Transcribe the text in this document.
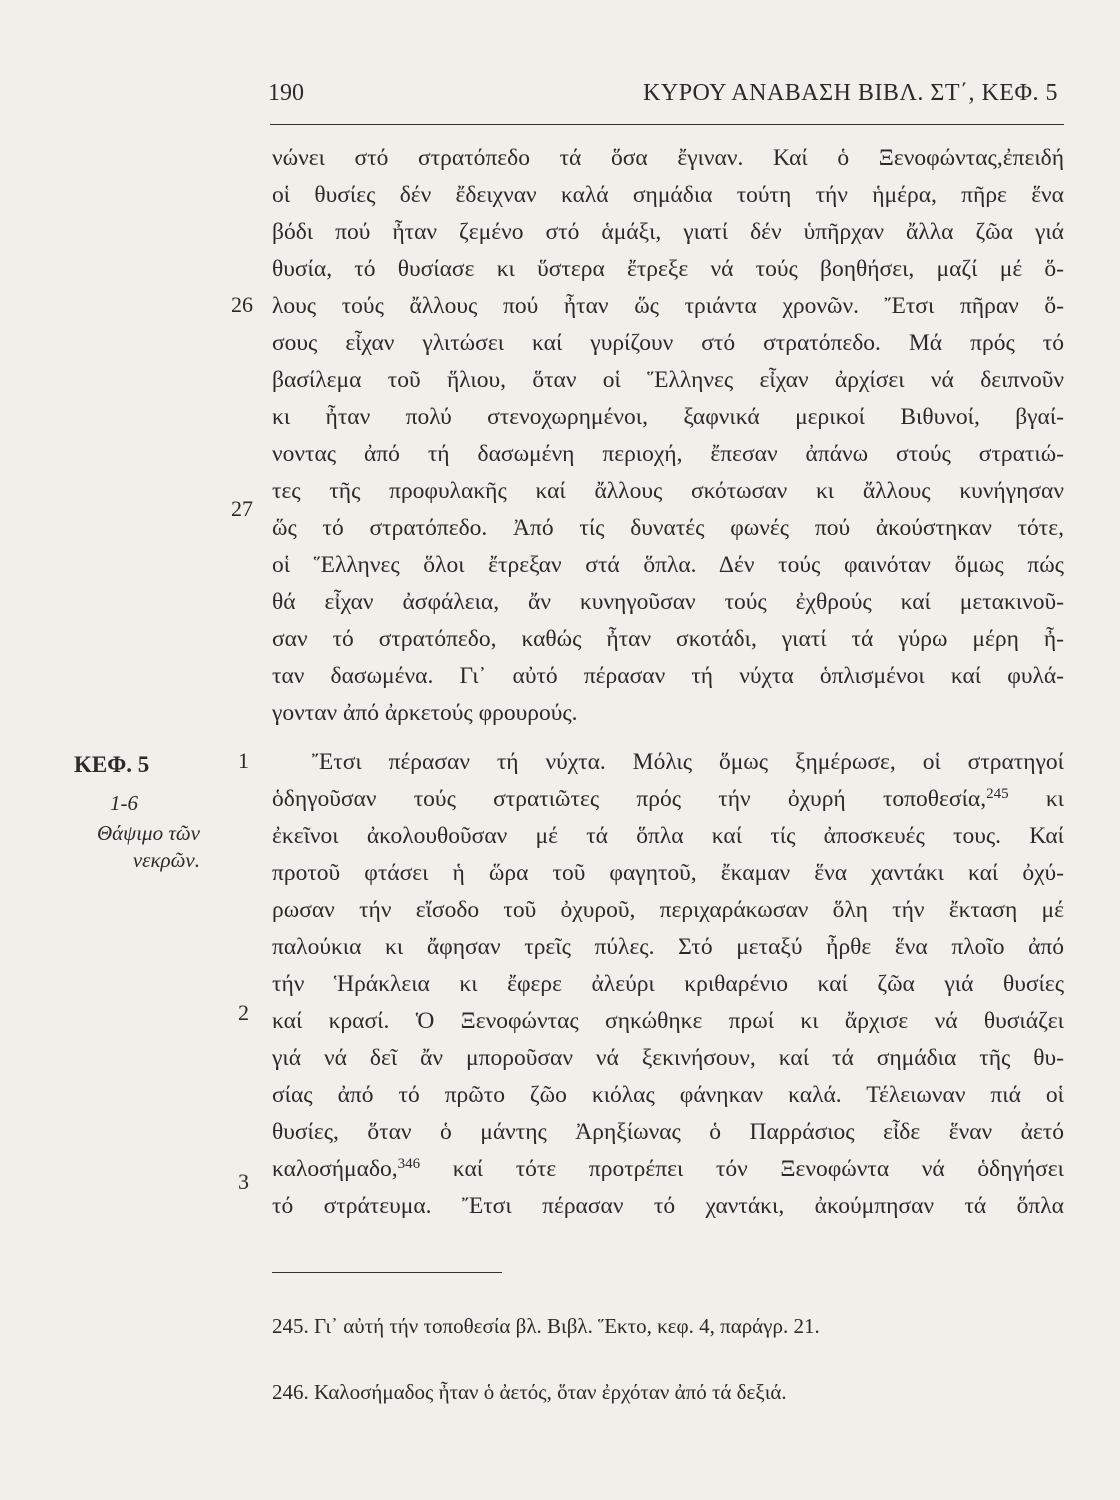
190	ΚΥΡΟΥ ΑΝΑΒΑΣΗ ΒΙΒΛ. ΣΤ΄, ΚΕΦ. 5
ΚΕΦ. 5
1-6
Θάψιμο τῶν νεκρῶν.
26
27
1
2
3
νώνει στό στρατόπεδο τά ὅσα ἔγιναν. Καί ὁ Ξενοφώντας,ἐπειδή
οἱ θυσίες δέν ἔδειχναν καλά σημάδια τούτη τήν ἡμέρα, πῆρε ἕνα
βόδι πού ἦταν ζεμένο στό ἁμάξι, γιατί δέν ὑπῆρχαν ἄλλα ζῶα γιά
θυσία, τό θυσίασε κι ὕστερα ἔτρεξε νά τούς βοηθήσει, μαζί μέ ὅ-
λους τούς ἄλλους πού ἦταν ὥς τριάντα χρονῶν. Ἔτσι πῆραν ὅ-
σους εἶχαν γλιτώσει καί γυρίζουν στό στρατόπεδο. Μά πρός τό
βασίλεμα τοῦ ἥλιου, ὅταν οἱ Ἕλληνες εἶχαν ἀρχίσει νά δειπνοῦν
κι ἦταν πολύ στενοχωρημένοι, ξαφνικά μερικοί Βιθυνοί, βγαί-
νοντας ἀπό τή δασωμένη περιοχή, ἔπεσαν ἀπάνω στούς στρατιώ-
τες τῆς προφυλακῆς καί ἄλλους σκότωσαν κι ἄλλους κυνήγησαν
ὥς τό στρατόπεδο. Ἀπό τίς δυνατές φωνές πού ἀκούστηκαν τότε,
οἱ Ἕλληνες ὅλοι ἔτρεξαν στά ὅπλα. Δέν τούς φαινόταν ὅμως πώς
θά εἶχαν ἀσφάλεια, ἄν κυνηγοῦσαν τούς ἐχθρούς καί μετακινοῦ-
σαν τό στρατόπεδο, καθώς ἦταν σκοτάδι, γιατί τά γύρω μέρη ἦ-
ταν δασωμένα. Γι᾽ αὐτό πέρασαν τή νύχτα ὁπλισμένοι καί φυλά-
γονταν ἀπό ἀρκετούς φρουρούς.
Ἔτσι πέρασαν τή νύχτα. Μόλις ὅμως ξημέρωσε, οἱ στρατηγοί
ὁδηγοῦσαν τούς στρατιῶτες πρός τήν ὀχυρή τοποθεσία,$^{245}$ κι
ἐκεῖνοι ἀκολουθοῦσαν μέ τά ὅπλα καί τίς ἀποσκευές τους. Καί
προτοῦ φτάσει ἡ ὥρα τοῦ φαγητοῦ, ἔκαμαν ἕνα χαντάκι καί ὀχύ-
ρωσαν τήν εἴσοδο τοῦ ὀχυροῦ, περιχαράκωσαν ὅλη τήν ἔκταση μέ
παλούκια κι ἄφησαν τρεῖς πύλες. Στό μεταξύ ἦρθε ἕνα πλοῖο ἀπό
τήν Ἡράκλεια κι ἔφερε ἀλεύρι κριθαρένιο καί ζῶα γιά θυσίες
καί κρασί. Ὁ Ξενοφώντας σηκώθηκε πρωί κι ἄρχισε νά θυσιάζει
γιά νά δεῖ ἄν μποροῦσαν νά ξεκινήσουν, καί τά σημάδια τῆς θυ-
σίας ἀπό τό πρῶτο ζῶο κιόλας φάνηκαν καλά. Τέλειωναν πιά οἱ
θυσίες, ὅταν ὁ μάντης Ἀρηξίωνας ὁ Παρράσιος εἶδε ἕναν ἀετό
καλοσήμαδο,$^{346}$ καί τότε προτρέπει τόν Ξενοφώντα νά ὁδηγήσει
τό στράτευμα. Ἔτσι πέρασαν τό χαντάκι, ἀκούμπησαν τά ὅπλα
245. Γι᾽ αὐτή τήν τοποθεσία βλ. Βιβλ. Ἕκτο, κεφ. 4, παράγρ. 21.
246. Καλοσήμαδος ἦταν ὁ ἀετός, ὅταν ἐρχόταν ἀπό τά δεξιά.
